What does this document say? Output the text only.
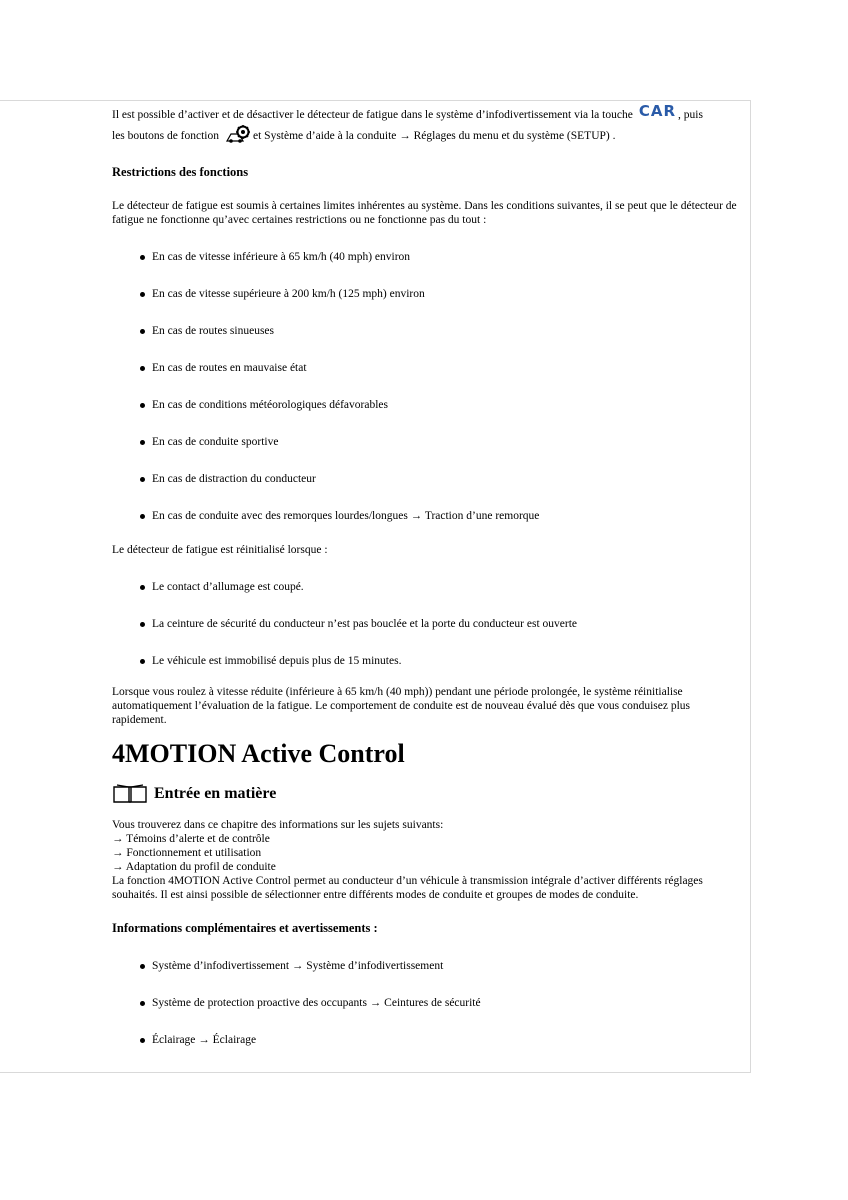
Il est possible d’activer et de désactiver le détecteur de fatigue dans le système d’infodivertissement via la touche CAR , puis
les boutons de fonction	et Système d’aide à la conduite → Réglages du menu et du système (SETUP) .

Restrictions des fonctions

Le détecteur de fatigue est soumis à certaines limites inhérentes au système. Dans les conditions suivantes, il se peut que le détecteur de fatigue ne fonctionne qu’avec certaines restrictions ou ne fonctionne pas du tout :

En cas de vitesse inférieure à 65 km/h (40 mph) environ
En cas de vitesse supérieure à 200 km/h (125 mph) environ
En cas de routes sinueuses
En cas de routes en mauvaise état
En cas de conditions météorologiques défavorables
En cas de conduite sportive
En cas de distraction du conducteur
En cas de conduite avec des remorques lourdes/longues → Traction d’une remorque

Le détecteur de fatigue est réinitialisé lorsque :

Le contact d’allumage est coupé.
La ceinture de sécurité du conducteur n’est pas bouclée et la porte du conducteur est ouverte
Le véhicule est immobilisé depuis plus de 15 minutes.

Lorsque vous roulez à vitesse réduite (inférieure à 65 km/h (40 mph)) pendant une période prolongée, le système réinitialise automatiquement l’évaluation de la fatigue. Le comportement de conduite est de nouveau évalué dès que vous conduisez plus rapidement.

4MOTION Active Control
Entrée en matière

Vous trouverez dans ce chapitre des informations sur les sujets suivants:

→ Témoins d’alerte et de contrôle
→ Fonctionnement et utilisation
→ Adaptation du profil de conduite

La fonction 4MOTION Active Control permet au conducteur d’un véhicule à transmission intégrale d’activer différents réglages souhaités. Il est ainsi possible de sélectionner entre différents modes de conduite et groupes de modes de conduite.

Informations complémentaires et avertissements :
Système d’infodivertissement → Système d’infodivertissement
Système de protection proactive des occupants → Ceintures de sécurité
Éclairage → Éclairage
